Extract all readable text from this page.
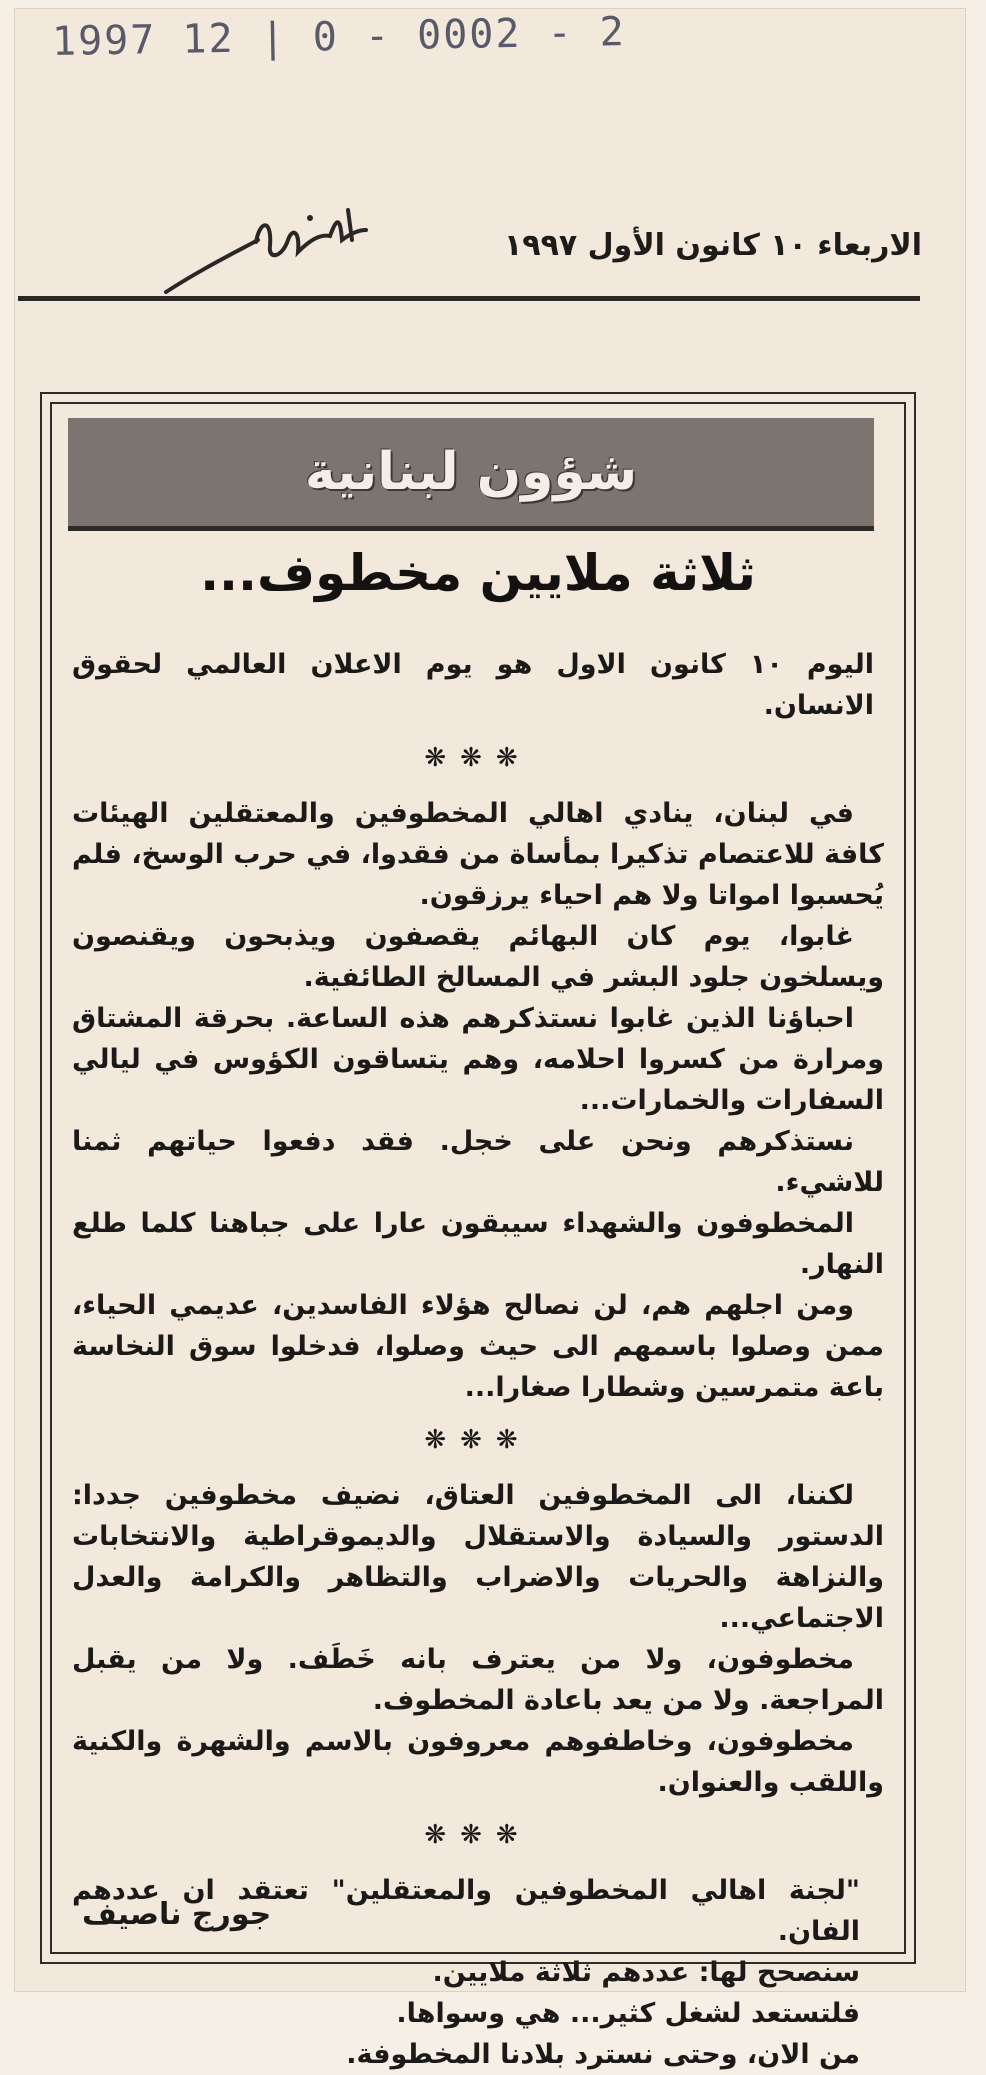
1997 12 | 0 - 0002 - 2
الاربعاء ١٠ كانون الأول ١٩٩٧
شؤون لبنانية
ثلاثة ملايين مخطوف...

اليوم ١٠ كانون الاول هو يوم الاعلان العالمي لحقوق الانسان.

❋❋❋

في لبنان، ينادي اهالي المخطوفين والمعتقلين الهيئات كافة للاعتصام تذكيرا بمأساة من فقدوا، في حرب الوسخ، فلم يُحسبوا امواتا ولا هم احياء يرزقون.

غابوا، يوم كان البهائم يقصفون ويذبحون ويقنصون ويسلخون جلود البشر في المسالخ الطائفية.

احباؤنا الذين غابوا نستذكرهم هذه الساعة. بحرقة المشتاق ومرارة من كسروا احلامه، وهم يتساقون الكؤوس في ليالي السفارات والخمارات...

نستذكرهم ونحن على خجل. فقد دفعوا حياتهم ثمنا للاشيء.

المخطوفون والشهداء سيبقون عارا على جباهنا كلما طلع النهار.

ومن اجلهم هم، لن نصالح هؤلاء الفاسدين، عديمي الحياء، ممن وصلوا باسمهم الى حيث وصلوا، فدخلوا سوق النخاسة باعة متمرسين وشطارا صغارا...

❋❋❋

لكننا، الى المخطوفين العتاق، نضيف مخطوفين جددا: الدستور والسيادة والاستقلال والديموقراطية والانتخابات والنزاهة والحريات والاضراب والتظاهر والكرامة والعدل الاجتماعي...

مخطوفون، ولا من يعترف بانه خَطَف. ولا من يقبل المراجعة. ولا من يعد باعادة المخطوف.

مخطوفون، وخاطفوهم معروفون بالاسم والشهرة والكنية واللقب والعنوان.

❋❋❋

"لجنة اهالي المخطوفين والمعتقلين" تعتقد ان عددهم الفان.

سنصحح لها: عددهم ثلاثة ملايين.

فلتستعد لشغل كثير... هي وسواها.

من الان، وحتى نسترد بلادنا المخطوفة.

جورج ناصيف
